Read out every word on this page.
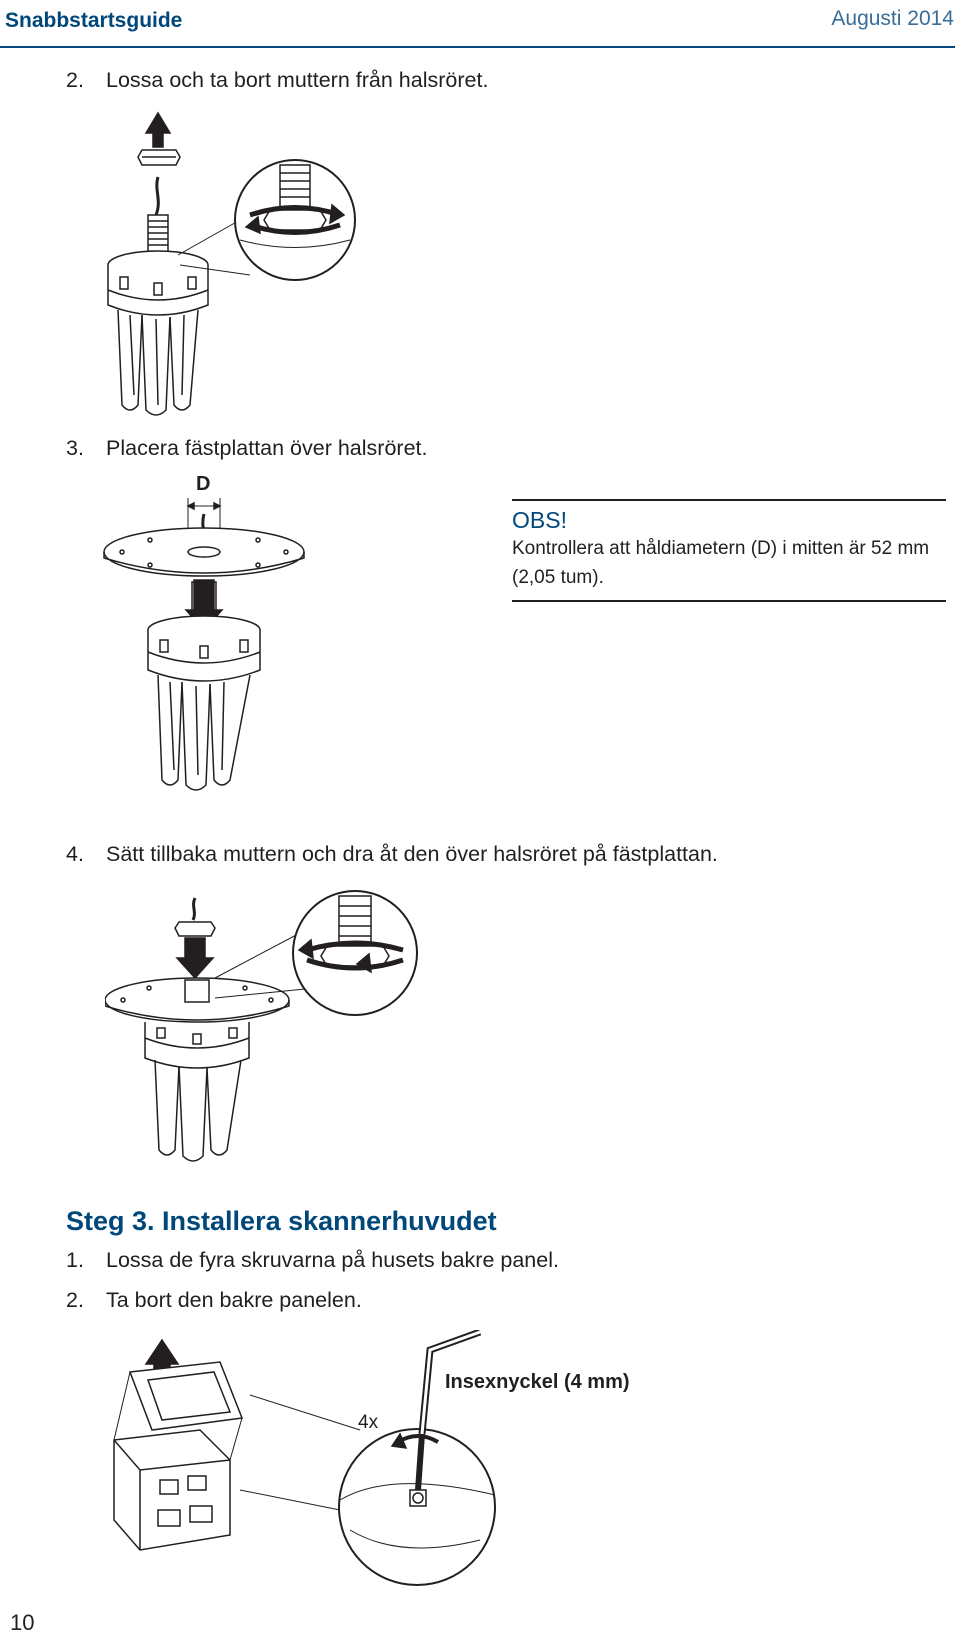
Snabbstartsguide	Augusti 2014
2. Lossa och ta bort muttern från halsröret.
3. Placera fästplattan över halsröret.
D
OBS!
Kontrollera att håldiametern (D) i mitten är 52 mm (2,05 tum).
4. Sätt tillbaka muttern och dra åt den över halsröret på fästplattan.
Steg 3. Installera skannerhuvudet
1. Lossa de fyra skruvarna på husets bakre panel.
2. Ta bort den bakre panelen.
4x
Insexnyckel (4 mm)
10
